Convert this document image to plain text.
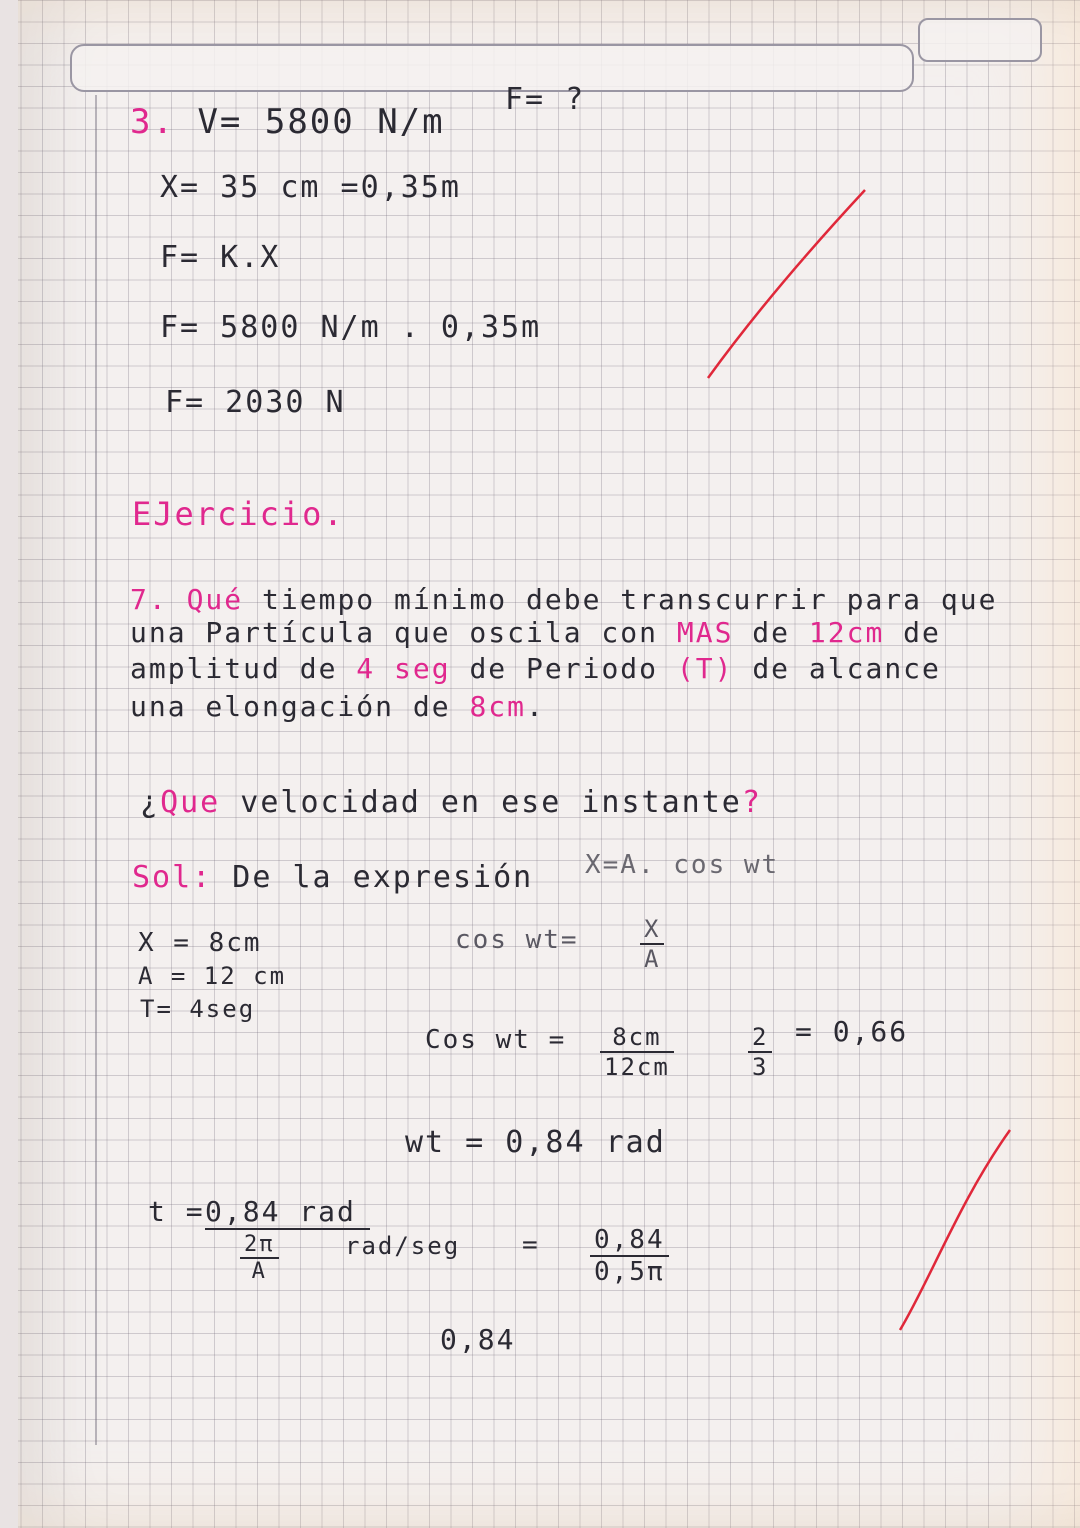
3. V= 5800 N/m
F= ?
X= 35 cm =0,35m
F= K.X
F= 5800 N/m . 0,35m
F= 2030 N
EJercicio.
7. Qué tiempo mínimo debe transcurrir para que
una Partícula que oscila con MAS de 12cm de
amplitud de 4 seg de Periodo (T) de alcance
una elongación de 8cm.
¿Que velocidad en ese instante?
Sol: De la expresión X=A. cos wt
X = 8cm
A = 12 cm
T= 4seg
cos wt=	$\frac{X}{A}$
Cos wt = $\frac{8cm}{12cm}$	$\frac{2}{3} = 0,66$
wt = 0,84 rad
t = 0,84 rad
$\frac{2\pi}{A}$	$rad/seg = \frac{0,84}{0,5\pi}$
0,84
